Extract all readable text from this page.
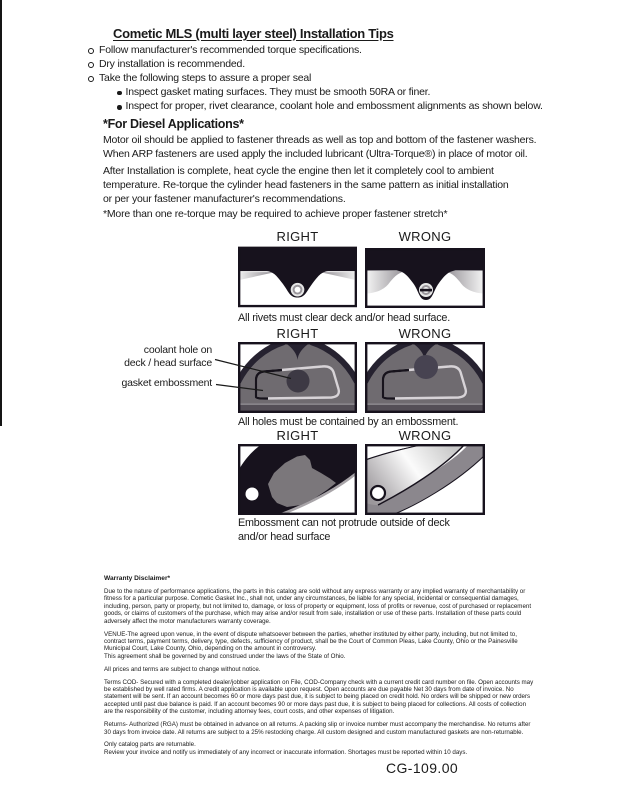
Cometic MLS (multi layer steel) Installation Tips
Follow manufacturer's recommended torque specifications.
Dry installation is recommended.
Take the following steps to assure a proper seal
Inspect gasket mating surfaces. They must be smooth 50RA or finer.
Inspect for proper, rivet clearance, coolant hole and embossment alignments as shown below.
*For Diesel Applications*
Motor oil should be applied to fastener threads as well as top and bottom of the fastener washers.
When ARP fasteners are used apply the included lubricant (Ultra-Torque®) in place of motor oil.
After Installation is complete, heat cycle the engine then let it completely cool to ambient
temperature. Re-torque the cylinder head fasteners in the same pattern as initial installation
or per your fastener manufacturer's recommendations.
*More than one re-torque may be required to achieve proper fastener stretch*
RIGHT	WRONG
All rivets must clear deck and/or head surface.
coolant hole on
deck / head surface
gasket embossment
RIGHT	WRONG
All holes must be contained by an embossment.
RIGHT	WRONG
Embossment can not protrude outside of deck
and/or head surface
Warranty Disclaimer*

Due to the nature of performance applications, the parts in this catalog are sold without any express warranty or any implied warranty of merchantability or
fitness for a particular purpose. Cometic Gasket Inc., shall not, under any circumstances, be liable for any special, incidental or consequential damages,
including, person, party or property, but not limited to, damage, or loss of property or equipment, loss of profits or revenue, cost of purchased or replacement
goods, or claims of customers of the purchase, which may arise and/or result from sale, installation or use of these parts. Installation of these parts could
adversely affect the motor manufacturers warranty coverage.

VENUE-The agreed upon venue, in the event of dispute whatsoever between the parties, whether instituted by either party, including, but not limited to,
contract terms, payment terms, delivery, type, defects, sufficiency of product, shall be the Court of Common Pleas, Lake County, Ohio or the Painesville
Municipal Court, Lake County, Ohio, depending on the amount in controversy.
This agreement shall be governed by and construed under the laws of the State of Ohio.

All prices and terms are subject to change without notice.

Terms COD- Secured with a completed dealer/jobber application on File, COD-Company check with a current credit card number on file. Open accounts may
be established by well rated firms. A credit application is available upon request. Open accounts are due payable Net 30 days from date of invoice. No
statement will be sent. If an account becomes 60 or more days past due, it is subject to being placed on credit hold. No orders will be shipped or new orders
accepted until past due balance is paid. If an account becomes 90 or more days past due, it is subject to being placed for collections. All costs of collection
are the responsibility of the customer, including attorney fees, court costs, and other expenses of litigation.

Returns- Authorized (RGA) must be obtained in advance on all returns. A packing slip or invoice number must accompany the merchandise. No returns after
30 days from invoice date. All returns are subject to a 25% restocking charge. All custom designed and custom manufactured gaskets are non-returnable.

Only catalog parts are returnable.
Review your invoice and notify us immediately of any incorrect or inaccurate information. Shortages must be reported within 10 days.

CG-109.00
